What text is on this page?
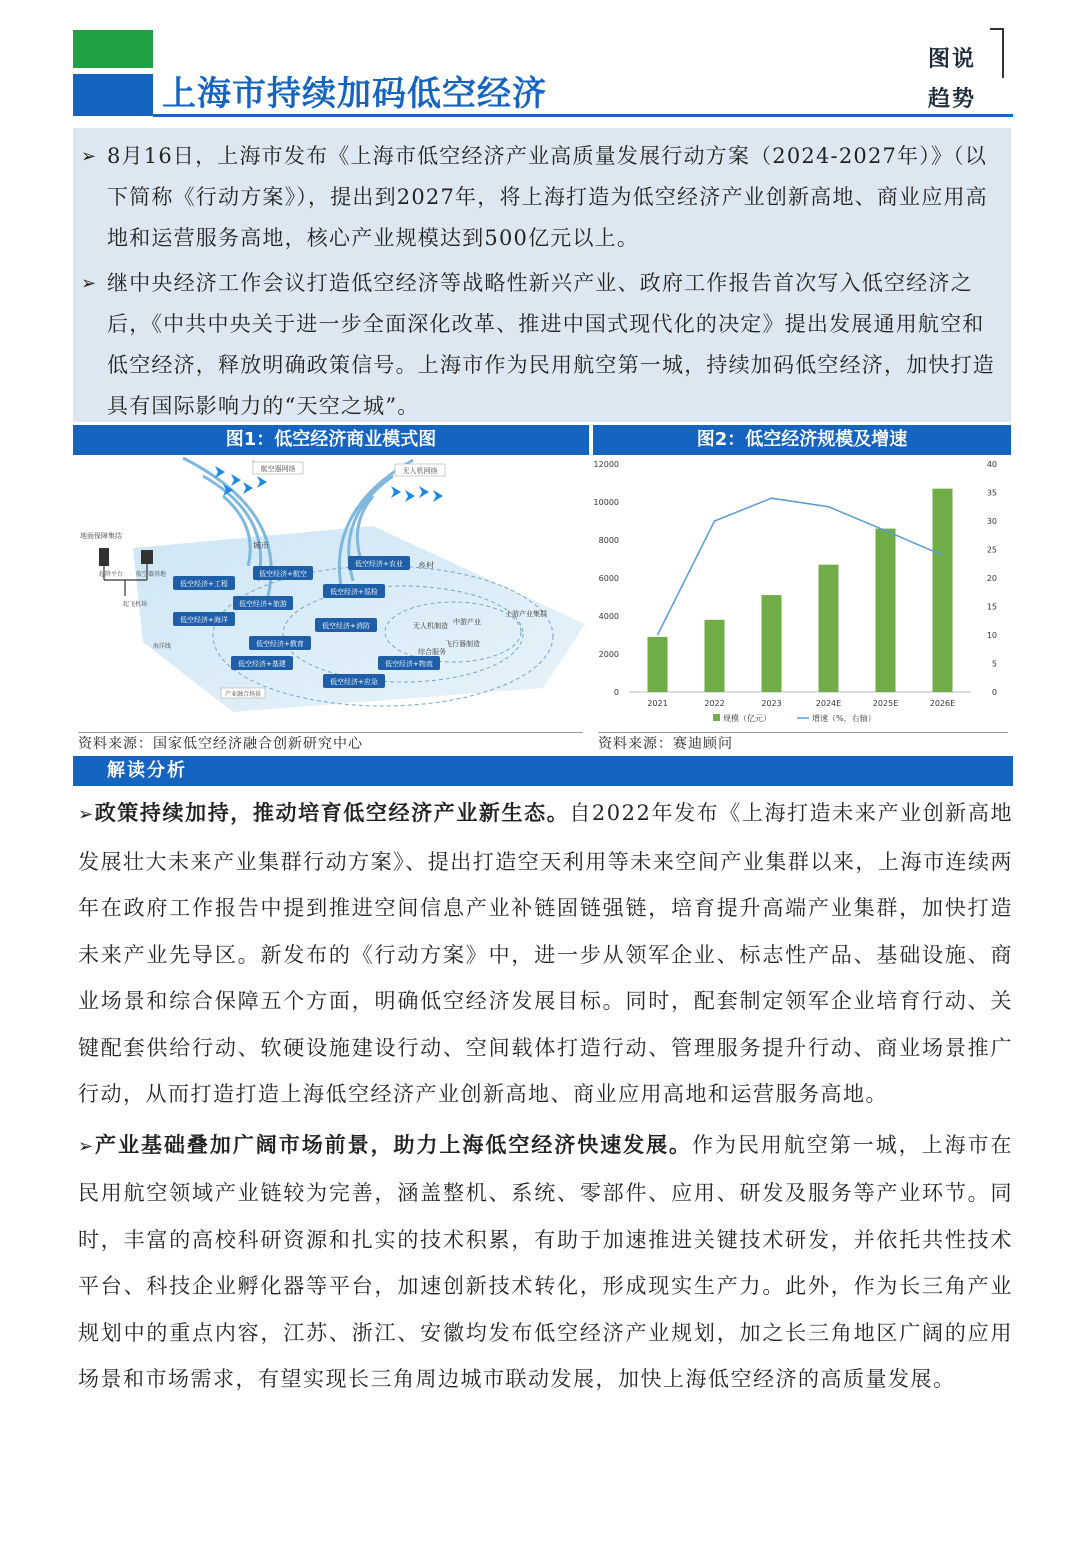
上海市持续加码低空经济
图说
趋势
➢ 8月16日，上海市发布《上海市低空经济产业高质量发展行动方案（2024-2027年）》（以下简称《行动方案》），提出到2027年，将上海打造为低空经济产业创新高地、商业应用高地和运营服务高地，核心产业规模达到500亿元以上。
➢ 继中央经济工作会议打造低空经济等战略性新兴产业、政府工作报告首次写入低空经济之后，《中共中央关于进一步全面深化改革、推进中国式现代化的决定》提出发展通用航空和低空经济，释放明确政策信号。上海市作为民用航空第一城，持续加码低空经济，加快打造具有国际影响力的“天空之城”。
图1：低空经济商业模式图	图2：低空经济规模及增速
航空器网络	无人机网络
地面保障集结
起降平台 航空器基地
起飞机场
城市
乡村
海洋线
产业融合场景
低空经济+航空
低空经济+农业
低空经济+工程
低空经济+巡检
低空经济+旅游
低空经济+海洋
低空经济+消防
低空经济+教育
低空经济+基建	低空经济+物流
低空经济+应急
中游产业
上游产业集群
无人机制造
飞行器制造
综合服务
0
2000
4000
6000
8000
10000
12000
0
5
10
15
20
25
30
35
40
2021	2022	2023	2024E	2025E	2026E
规模（亿元）	增速（%，右轴）
资料来源：国家低空经济融合创新研究中心	资料来源：赛迪顾问
解读分析

➢政策持续加持，推动培育低空经济产业新生态。自2022年发布《上海打造未来产业创新高地发展壮大未来产业集群行动方案》、提出打造空天利用等未来空间产业集群以来，上海市连续两年在政府工作报告中提到推进空间信息产业补链固链强链，培育提升高端产业集群，加快打造未来产业先导区。新发布的《行动方案》中，进一步从领军企业、标志性产品、基础设施、商业场景和综合保障五个方面，明确低空经济发展目标。同时，配套制定领军企业培育行动、关键配套供给行动、软硬设施建设行动、空间载体打造行动、管理服务提升行动、商业场景推广行动，从而打造打造上海低空经济产业创新高地、商业应用高地和运营服务高地。

➢产业基础叠加广阔市场前景，助力上海低空经济快速发展。作为民用航空第一城，上海市在民用航空领域产业链较为完善，涵盖整机、系统、零部件、应用、研发及服务等产业环节。同时，丰富的高校科研资源和扎实的技术积累，有助于加速推进关键技术研发，并依托共性技术平台、科技企业孵化器等平台，加速创新技术转化，形成现实生产力。此外，作为长三角产业规划中的重点内容，江苏、浙江、安徽均发布低空经济产业规划，加之长三角地区广阔的应用场景和市场需求，有望实现长三角周边城市联动发展，加快上海低空经济的高质量发展。
